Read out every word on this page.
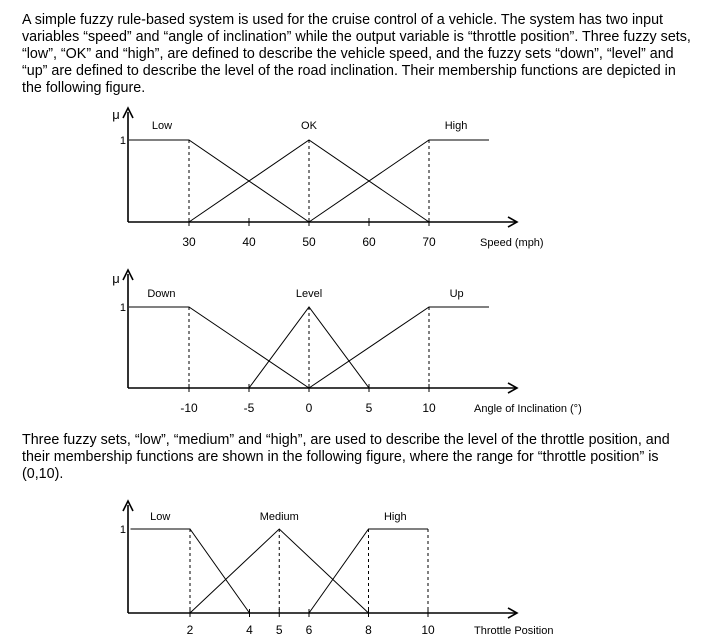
A simple fuzzy rule-based system is used for the cruise control of a vehicle. The system has two input variables “speed” and “angle of inclination” while the output variable is “throttle position”. Three fuzzy sets, “low”, “OK” and “high”, are defined to describe the vehicle speed, and the fuzzy sets “down”, “level” and “up” are defined to describe the level of the road inclination. Their membership functions are depicted in the following figure.

μ
1
30	40	50	60	70
Low	OK	High
Speed (mph)
μ
1
-10	-5	0	5	10
Down	Level	Up
Angle of Inclination (°)

Three fuzzy sets, “low”, “medium” and “high”, are used to describe the level of the throttle position, and their membership functions are shown in the following figure, where the range for “throttle position” is (0,10).

1
2	4 5 6	8	10
Low	Medium	High
Throttle Position
